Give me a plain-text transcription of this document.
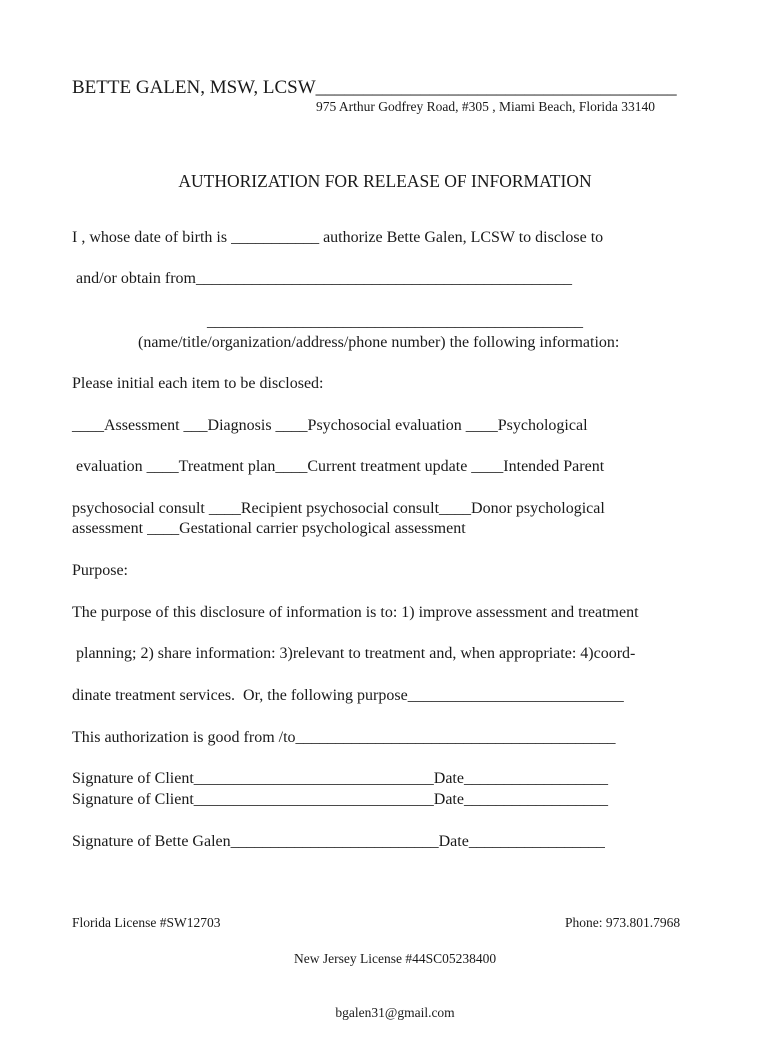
BETTE GALEN, MSW, LCSW______________________________________
975 Arthur Godfrey Road, #305 , Miami Beach, Florida 33140
AUTHORIZATION FOR RELEASE OF INFORMATION
I , whose date of birth is ___________ authorize Bette Galen, LCSW to disclose to
and/or obtain from_______________________________________________
_______________________________________________
(name/title/organization/address/phone number) the following information:
Please initial each item to be disclosed:
____Assessment ___Diagnosis ____Psychosocial evaluation ____Psychological
evaluation ____Treatment plan____Current treatment update ____Intended Parent
psychosocial consult ____Recipient psychosocial consult____Donor psychological
assessment ____Gestational carrier psychological assessment
Purpose:
The purpose of this disclosure of information is to: 1) improve assessment and treatment
planning; 2) share information: 3)relevant to treatment and, when appropriate: 4)coord-
dinate treatment services.  Or, the following purpose___________________________
This authorization is good from /to________________________________________
Signature of Client______________________________Date__________________
Signature of Client______________________________Date__________________
Signature of Bette Galen__________________________Date_________________
Florida License #SW12703

New Jersey License #44SC05238400

bgalen31@gmail.com

Phone: 973.801.7968
